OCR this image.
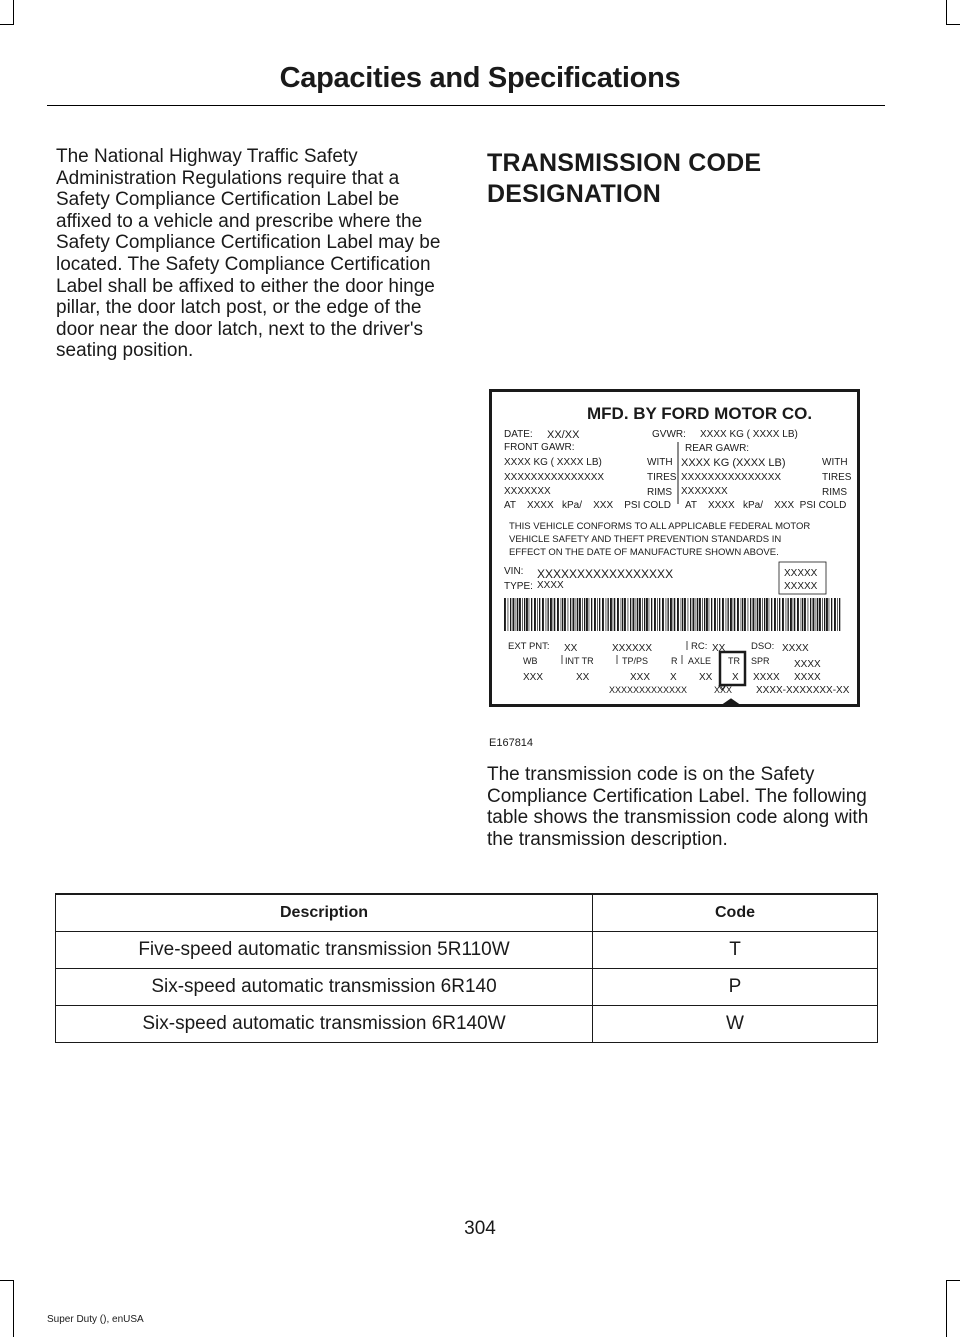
Capacities and Specifications

The National Highway Traffic Safety Administration Regulations require that a Safety Compliance Certification Label be affixed to a vehicle and prescribe where the Safety Compliance Certification Label may be located. The Safety Compliance Certification Label shall be affixed to either the door hinge pillar, the door latch post, or the edge of the door near the door latch, next to the driver's seating position.

TRANSMISSION CODE
DESIGNATION
MFD. BY FORD MOTOR CO.
DATE: XX/XX	GVWR: XXXX KG ( XXXX LB)
FRONT GAWR:	REAR GAWR:
XXXX KG ( XXXX LB)	XXXX KG (XXXX LB)
WITH	WITH
XXXXXXXXXXXXXXX	XXXXXXXXXXXXXXX
TIRES	TIRES
XXXXXXX	XXXXXXX
RIMS	RIMS
AT    XXXX   kPa/    XXX    PSI COLD AT    XXXX   kPa/    XXX  PSI COLD
THIS VEHICLE CONFORMS TO ALL APPLICABLE FEDERAL MOTOR
VEHICLE SAFETY AND THEFT PREVENTION STANDARDS IN
EFFECT ON THE DATE OF MANUFACTURE SHOWN ABOVE.
VIN: XXXXXXXXXXXXXXXXX
TYPE: XXXX
XXXXX
XXXXX
EXT PNT: XX	XXXXXX	RC: XX	DSO: XXXX
WB	INT TR	TP/PS	R AXLE TR SPR XXXX
XXX	XX	XXX X XX X XXXX XXXX
XXXXXXXXXXXXX	XXX XXXX-XXXXXXX-XX
E167814

The transmission code is on the Safety Compliance Certification Label. The following table shows the transmission code along with the transmission description.

Description	Code
Five-speed automatic transmission 5R110W	T
Six-speed automatic transmission 6R140	P
Six-speed automatic transmission 6R140W	W
304
Super Duty (), enUSA
